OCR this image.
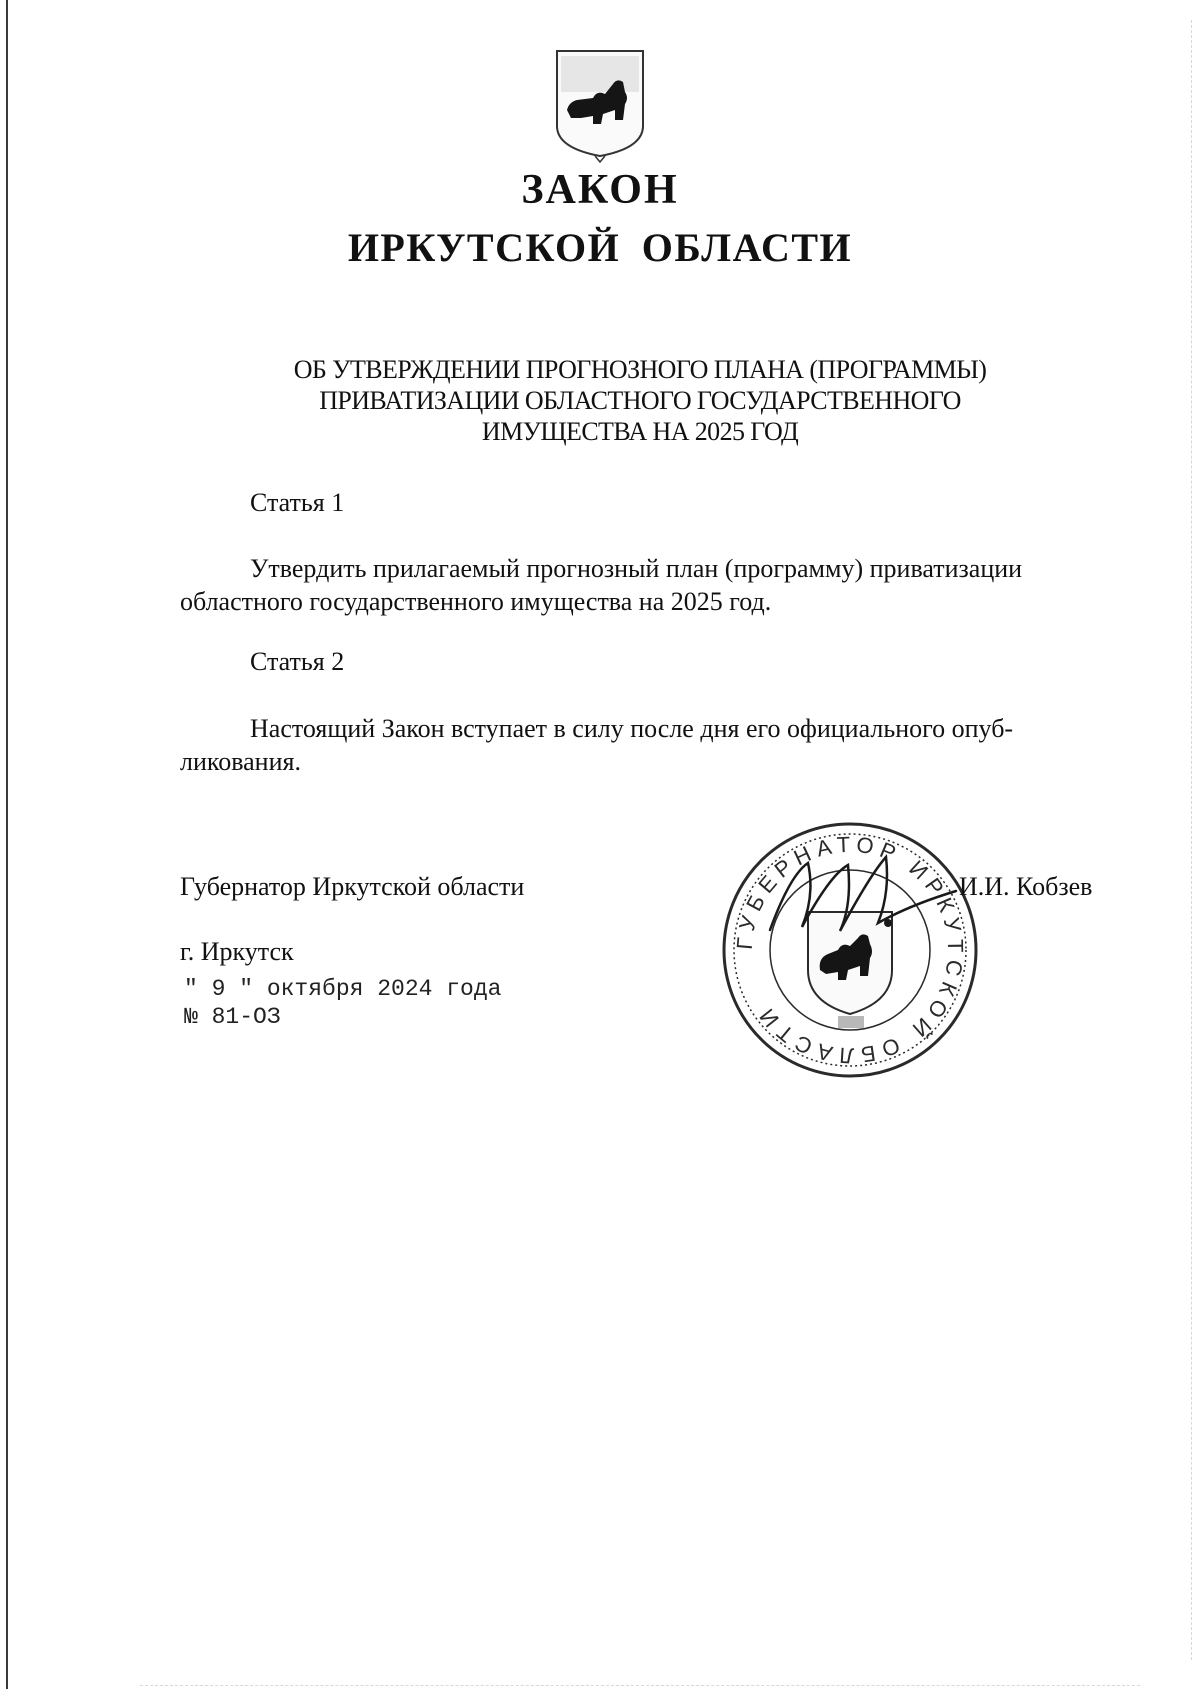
ЗАКОН
ИРКУТСКОЙ ОБЛАСТИ
ОБ УТВЕРЖДЕНИИ ПРОГНОЗНОГО ПЛАНА (ПРОГРАММЫ)
ПРИВАТИЗАЦИИ ОБЛАСТНОГО ГОСУДАРСТВЕННОГО
ИМУЩЕСТВА НА 2025 ГОД
Статья 1
Утвердить прилагаемый прогнозный план (программу) приватизации
областного государственного имущества на 2025 год.
Статья 2
Настоящий Закон вступает в силу после дня его официального опуб-
ликования.
Губернатор Иркутской области
ГУБЕРНАТОР ИРКУТСКОЙ ОБЛАСТИ
И.И. Кобзев
г. Иркутск
" 9 " октября 2024 года
№ 81-ОЗ
